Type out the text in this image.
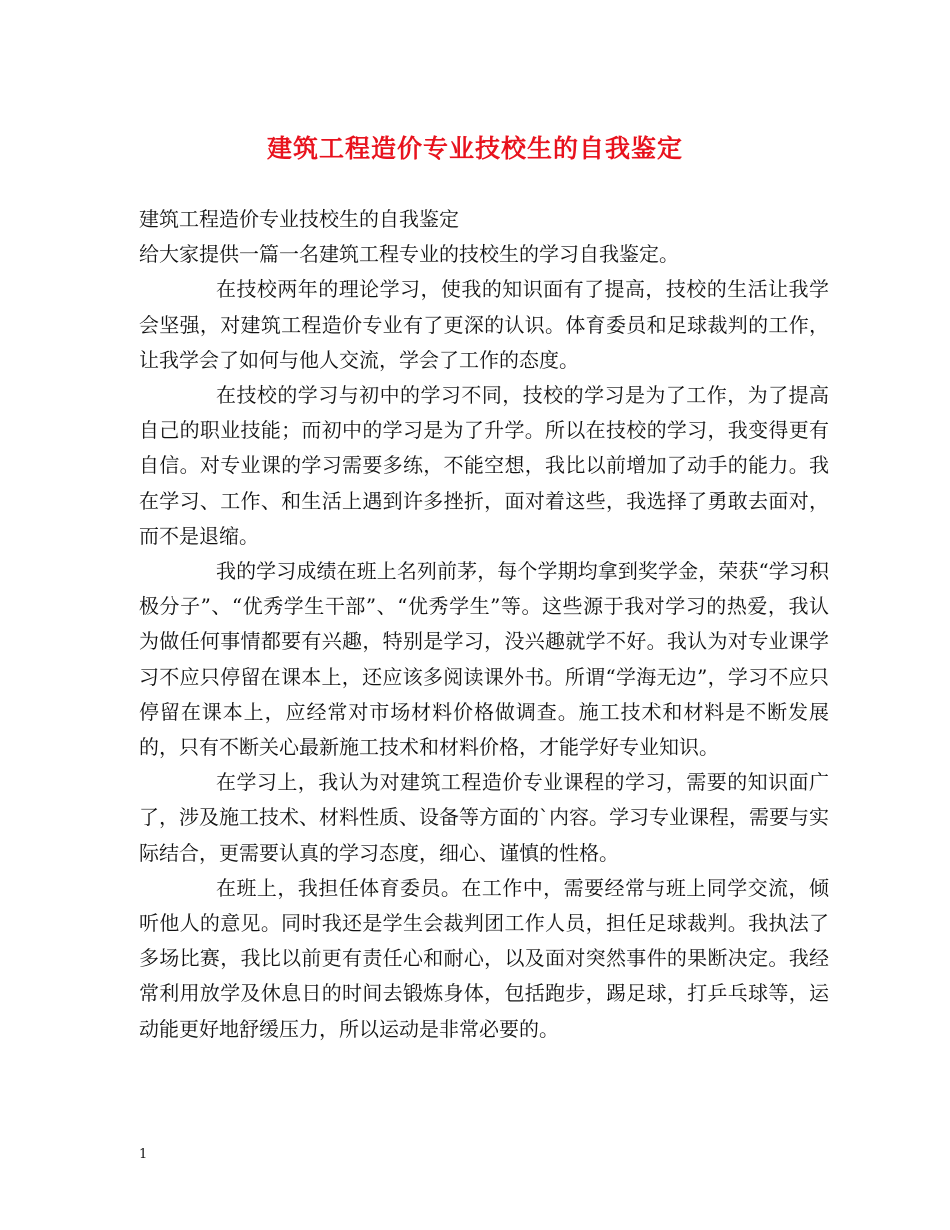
建筑工程造价专业技校生的自我鉴定

建筑工程造价专业技校生的自我鉴定

给大家提供一篇一名建筑工程专业的技校生的学习自我鉴定。

在技校两年的理论学习，使我的知识面有了提高，技校的生活让我学会坚强，对建筑工程造价专业有了更深的认识。体育委员和足球裁判的工作，让我学会了如何与他人交流，学会了工作的态度。

在技校的学习与初中的学习不同，技校的学习是为了工作，为了提高自己的职业技能；而初中的学习是为了升学。所以在技校的学习，我变得更有自信。对专业课的学习需要多练，不能空想，我比以前增加了动手的能力。我在学习、工作、和生活上遇到许多挫折，面对着这些，我选择了勇敢去面对，而不是退缩。

我的学习成绩在班上名列前茅，每个学期均拿到奖学金，荣获“学习积极分子”、“优秀学生干部”、“优秀学生”等。这些源于我对学习的热爱，我认为做任何事情都要有兴趣，特别是学习，没兴趣就学不好。我认为对专业课学习不应只停留在课本上，还应该多阅读课外书。所谓“学海无边”，学习不应只停留在课本上，应经常对市场材料价格做调查。施工技术和材料是不断发展的，只有不断关心最新施工技术和材料价格，才能学好专业知识。

在学习上，我认为对建筑工程造价专业课程的学习，需要的知识面广了，涉及施工技术、材料性质、设备等方面的`内容。学习专业课程，需要与实际结合，更需要认真的学习态度，细心、谨慎的性格。

在班上，我担任体育委员。在工作中，需要经常与班上同学交流，倾听他人的意见。同时我还是学生会裁判团工作人员，担任足球裁判。我执法了多场比赛，我比以前更有责任心和耐心，以及面对突然事件的果断决定。我经常利用放学及休息日的时间去锻炼身体，包括跑步，踢足球，打乒乓球等，运动能更好地舒缓压力，所以运动是非常必要的。

1
